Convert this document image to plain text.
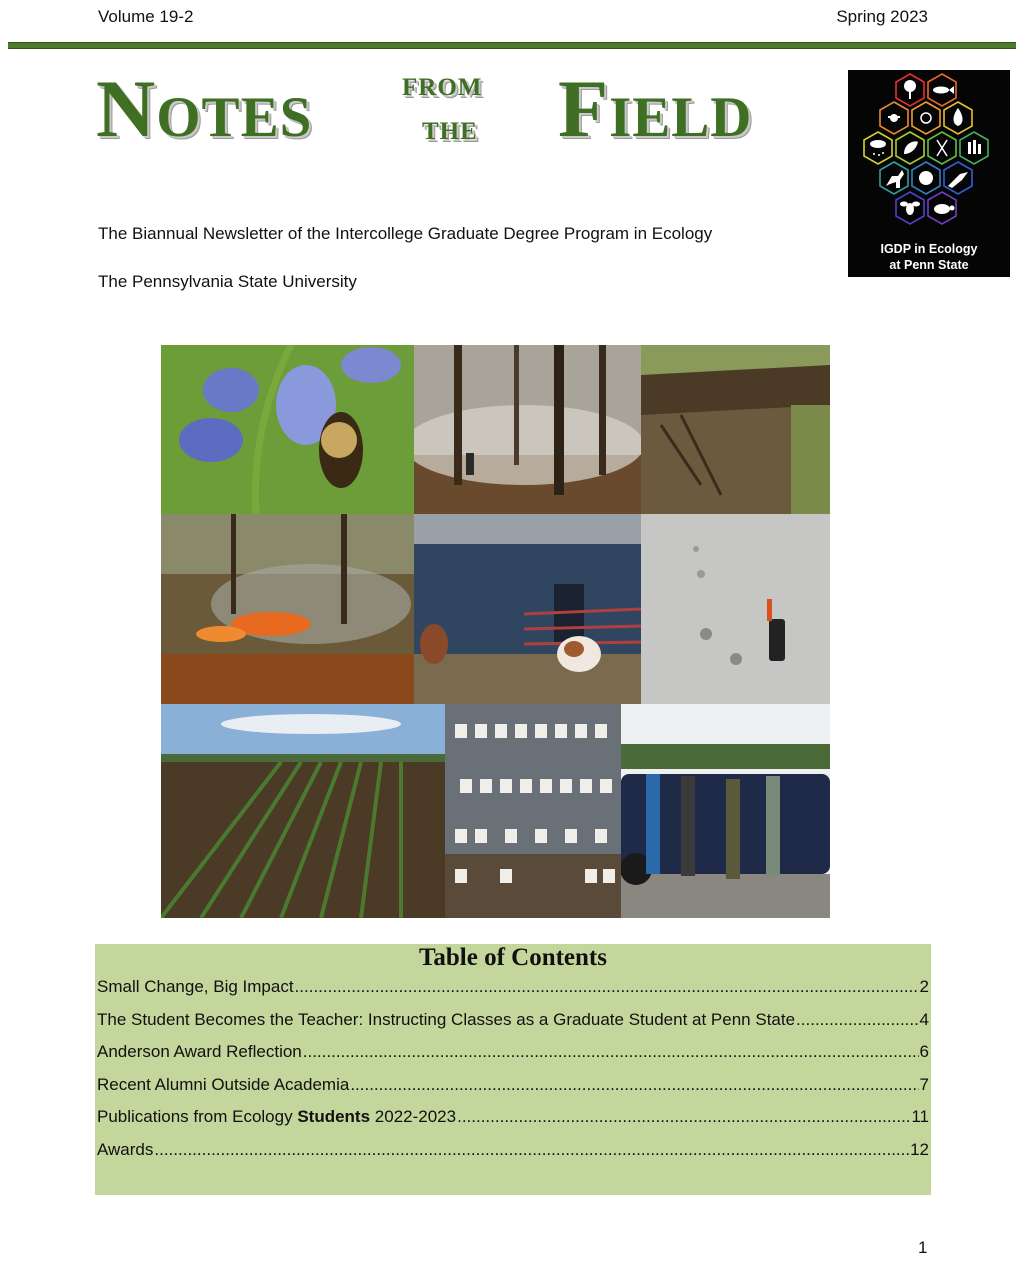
Volume 19-2	Spring 2023
Notes from
the Field
IGDP in Ecology
at Penn State
The Biannual Newsletter of the Intercollege Graduate Degree Program in Ecology
The Pennsylvania State University
Table of Contents
Small Change, Big Impact .....	2
The Student Becomes the Teacher: Instructing Classes as a Graduate Student at Penn State .....	4
Anderson Award Reflection .....	6
Recent Alumni Outside Academia .....	7
Publications from Ecology Students 2022-2023 .....	11
Awards .....	12
1
